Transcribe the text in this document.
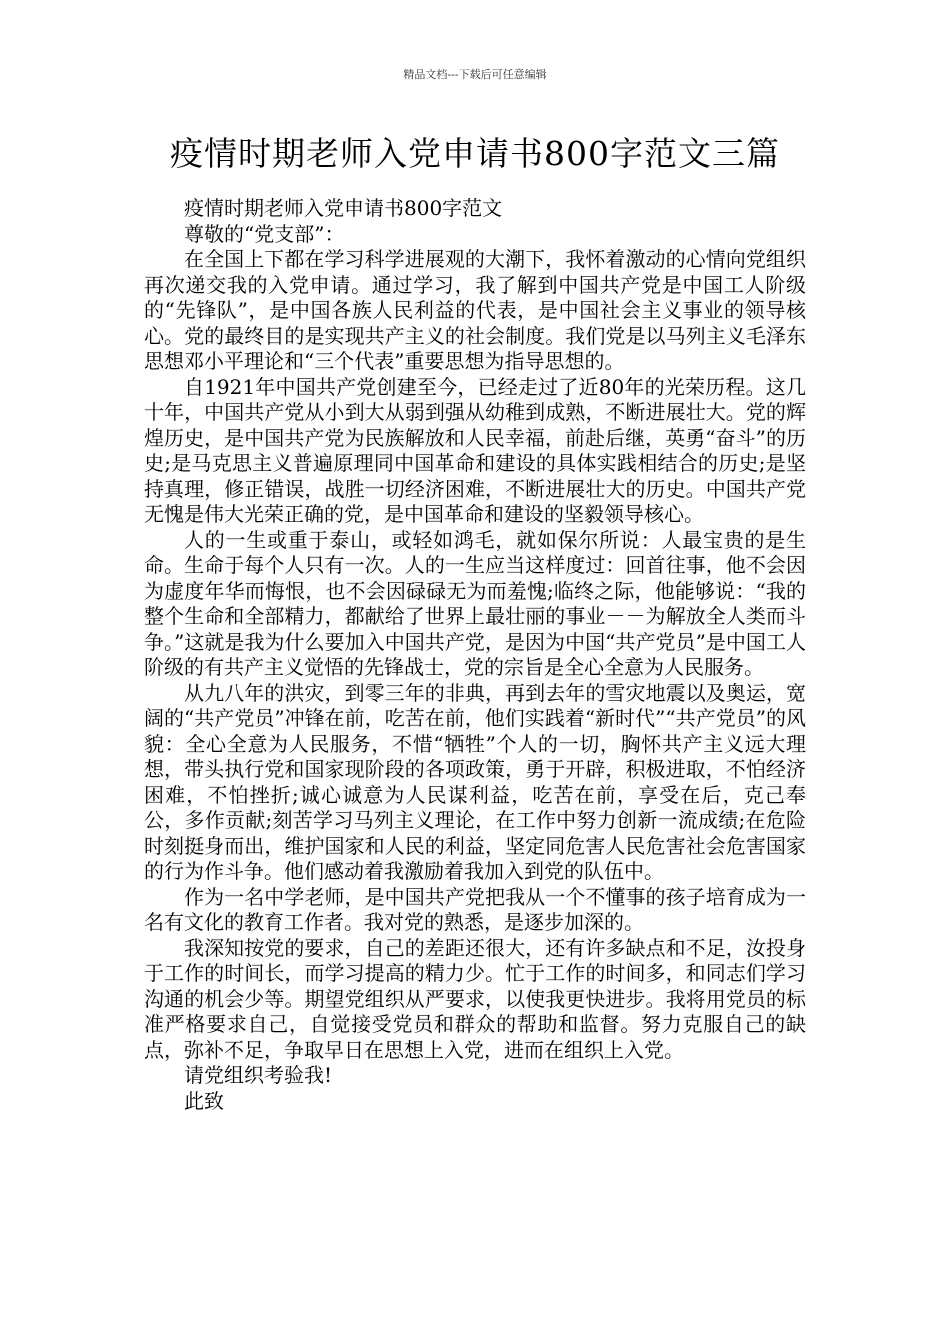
精品文档---下载后可任意编辑
疫情时期老师入党申请书800字范文三篇

疫情时期老师入党申请书800字范文

尊敬的“党支部”：

在全国上下都在学习科学进展观的大潮下，我怀着激动的心情向党组织再次递交我的入党申请。通过学习，我了解到中国共产党是中国工人阶级的“先锋队”，是中国各族人民利益的代表，是中国社会主义事业的领导核心。党的最终目的是实现共产主义的社会制度。我们党是以马列主义毛泽东思想邓小平理论和“三个代表”重要思想为指导思想的。

自1921年中国共产党创建至今，已经走过了近80年的光荣历程。这几十年，中国共产党从小到大从弱到强从幼稚到成熟，不断进展壮大。党的辉煌历史，是中国共产党为民族解放和人民幸福，前赴后继，英勇“奋斗”的历史;是马克思主义普遍原理同中国革命和建设的具体实践相结合的历史;是坚持真理，修正错误，战胜一切经济困难，不断进展壮大的历史。中国共产党无愧是伟大光荣正确的党，是中国革命和建设的坚毅领导核心。

人的一生或重于泰山，或轻如鸿毛，就如保尔所说：人最宝贵的是生命。生命于每个人只有一次。人的一生应当这样度过：回首往事，他不会因为虚度年华而悔恨，也不会因碌碌无为而羞愧;临终之际，他能够说：“我的整个生命和全部精力，都献给了世界上最壮丽的事业－－为解放全人类而斗争。”这就是我为什么要加入中国共产党，是因为中国“共产党员”是中国工人阶级的有共产主义觉悟的先锋战士，党的宗旨是全心全意为人民服务。

从九八年的洪灾，到零三年的非典，再到去年的雪灾地震以及奥运，宽阔的“共产党员”冲锋在前，吃苦在前，他们实践着“新时代”“共产党员”的风貌：全心全意为人民服务，不惜“牺牲”个人的一切，胸怀共产主义远大理想，带头执行党和国家现阶段的各项政策，勇于开辟，积极进取，不怕经济困难，不怕挫折;诚心诚意为人民谋利益，吃苦在前，享受在后，克己奉公，多作贡献;刻苦学习马列主义理论，在工作中努力创新一流成绩;在危险时刻挺身而出，维护国家和人民的利益，坚定同危害人民危害社会危害国家的行为作斗争。他们感动着我激励着我加入到党的队伍中。

作为一名中学老师，是中国共产党把我从一个不懂事的孩子培育成为一名有文化的教育工作者。我对党的熟悉，是逐步加深的。

我深知按党的要求，自己的差距还很大，还有许多缺点和不足，汝投身于工作的时间长，而学习提高的精力少。忙于工作的时间多，和同志们学习沟通的机会少等。期望党组织从严要求，以使我更快进步。我将用党员的标准严格要求自己，自觉接受党员和群众的帮助和监督。努力克服自己的缺点，弥补不足，争取早日在思想上入党，进而在组织上入党。

请党组织考验我!

此致
